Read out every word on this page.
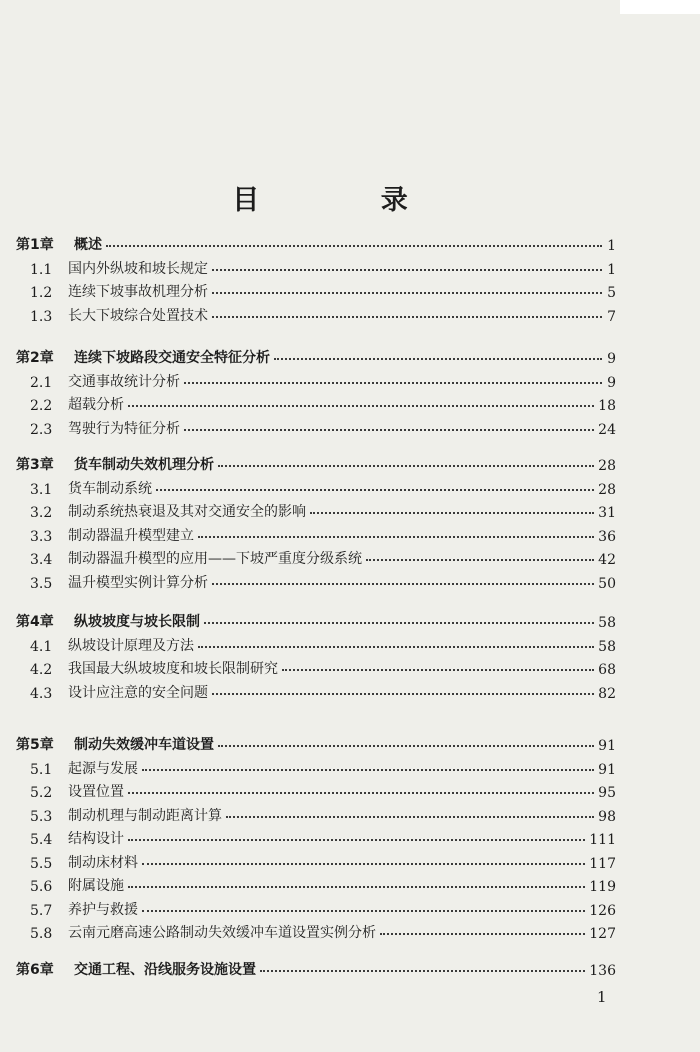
目 录
第1章	概述	1
1.1	国内外纵坡和坡长规定	1
1.2	连续下坡事故机理分析	5
1.3	长大下坡综合处置技术	7
第2章	连续下坡路段交通安全特征分析	9
2.1	交通事故统计分析	9
2.2	超载分析	18
2.3	驾驶行为特征分析	24
第3章	货车制动失效机理分析	28
3.1	货车制动系统	28
3.2	制动系统热衰退及其对交通安全的影响	31
3.3	制动器温升模型建立	36
3.4	制动器温升模型的应用——下坡严重度分级系统	42
3.5	温升模型实例计算分析	50
第4章	纵坡坡度与坡长限制	58
4.1	纵坡设计原理及方法	58
4.2	我国最大纵坡坡度和坡长限制研究	68
4.3	设计应注意的安全问题	82
第5章	制动失效缓冲车道设置	91
5.1	起源与发展	91
5.2	设置位置	95
5.3	制动机理与制动距离计算	98
5.4	结构设计	111
5.5	制动床材料	117
5.6	附属设施	119
5.7	养护与救援	126
5.8	云南元磨高速公路制动失效缓冲车道设置实例分析	127
第6章	交通工程、沿线服务设施设置	136
1
